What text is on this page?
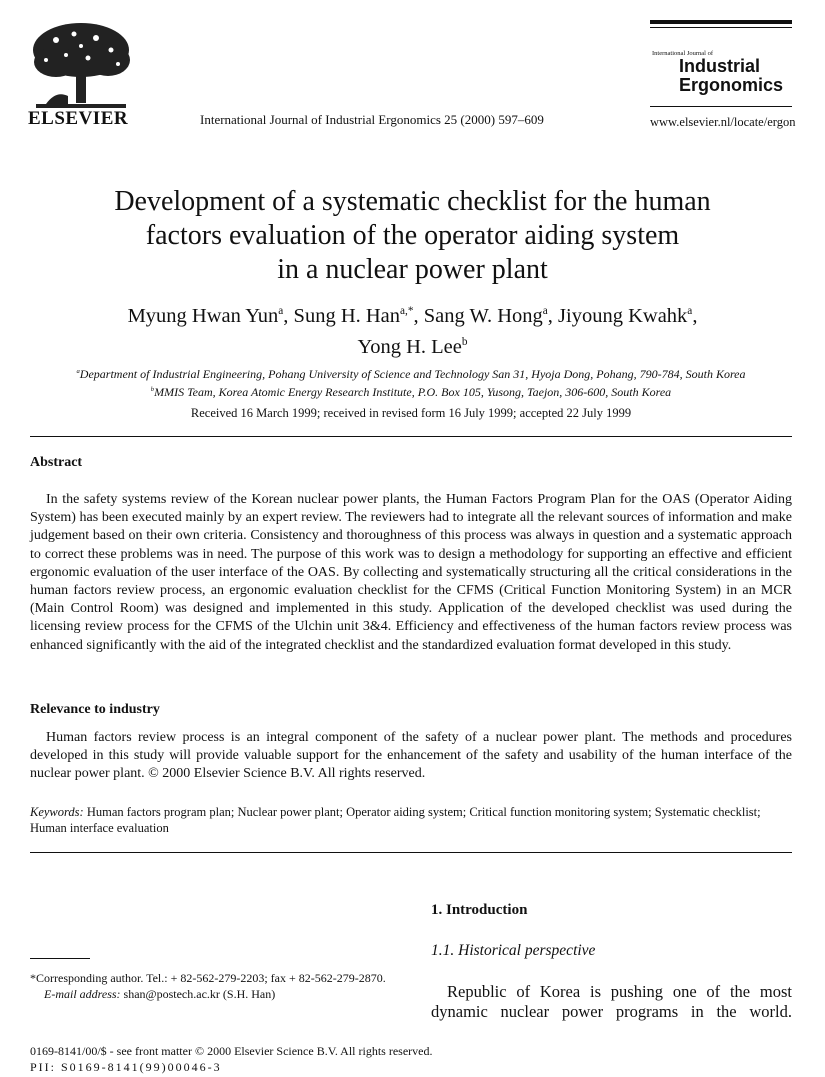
ELSEVIER	International Journal of Industrial Ergonomics 25 (2000) 597–609
International Journal of
Industrial
Ergonomics
www.elsevier.nl/locate/ergon
Development of a systematic checklist for the human
factors evaluation of the operator aiding system
in a nuclear power plant
Myung Hwan Yun$^a$, Sung H. Han$^{a,*}$, Sang W. Hong$^a$, Jiyoung Kwahk$^a$,
Yong H. Lee$^b$
$^a$Department of Industrial Engineering, Pohang University of Science and Technology San 31, Hyoja Dong, Pohang, 790-784, South Korea
$^b$MMIS Team, Korea Atomic Energy Research Institute, P.O. Box 105, Yusong, Taejon, 306-600, South Korea
Received 16 March 1999; received in revised form 16 July 1999; accepted 22 July 1999
Abstract
In the safety systems review of the Korean nuclear power plants, the Human Factors Program Plan for the OAS (Operator Aiding System) has been executed mainly by an expert review. The reviewers had to integrate all the relevant sources of information and make judgement based on their own criteria. Consistency and thoroughness of this process was always in question and a systematic approach to correct these problems was in need. The purpose of this work was to design a methodology for supporting an effective and efficient ergonomic evaluation of the user interface of the OAS. By collecting and systematically structuring all the critical considerations in the human factors review process, an ergonomic evaluation checklist for the CFMS (Critical Function Monitoring System) in an MCR (Main Control Room) was designed and implemented in this study. Application of the developed checklist was used during the licensing review process for the CFMS of the Ulchin unit 3&4. Efficiency and effectiveness of the human factors review process was enhanced significantly with the aid of the integrated checklist and the standardized evaluation format developed in this study.
Relevance to industry
Human factors review process is an integral component of the safety of a nuclear power plant. The methods and procedures developed in this study will provide valuable support for the enhancement of the safety and usability of the human interface of the nuclear power plant. © 2000 Elsevier Science B.V. All rights reserved.
Keywords: Human factors program plan; Nuclear power plant; Operator aiding system; Critical function monitoring system; Systematic checklist; Human interface evaluation
1. Introduction
1.1. Historical perspective
Republic of Korea is pushing one of the most dynamic nuclear power programs in the world.
*Corresponding author. Tel.: + 82-562-279-2203; fax + 82-562-279-2870.
E-mail address: shan@postech.ac.kr (S.H. Han)
0169-8141/00/$ - see front matter © 2000 Elsevier Science B.V. All rights reserved.
PII: S0169-8141(99)00046-3
